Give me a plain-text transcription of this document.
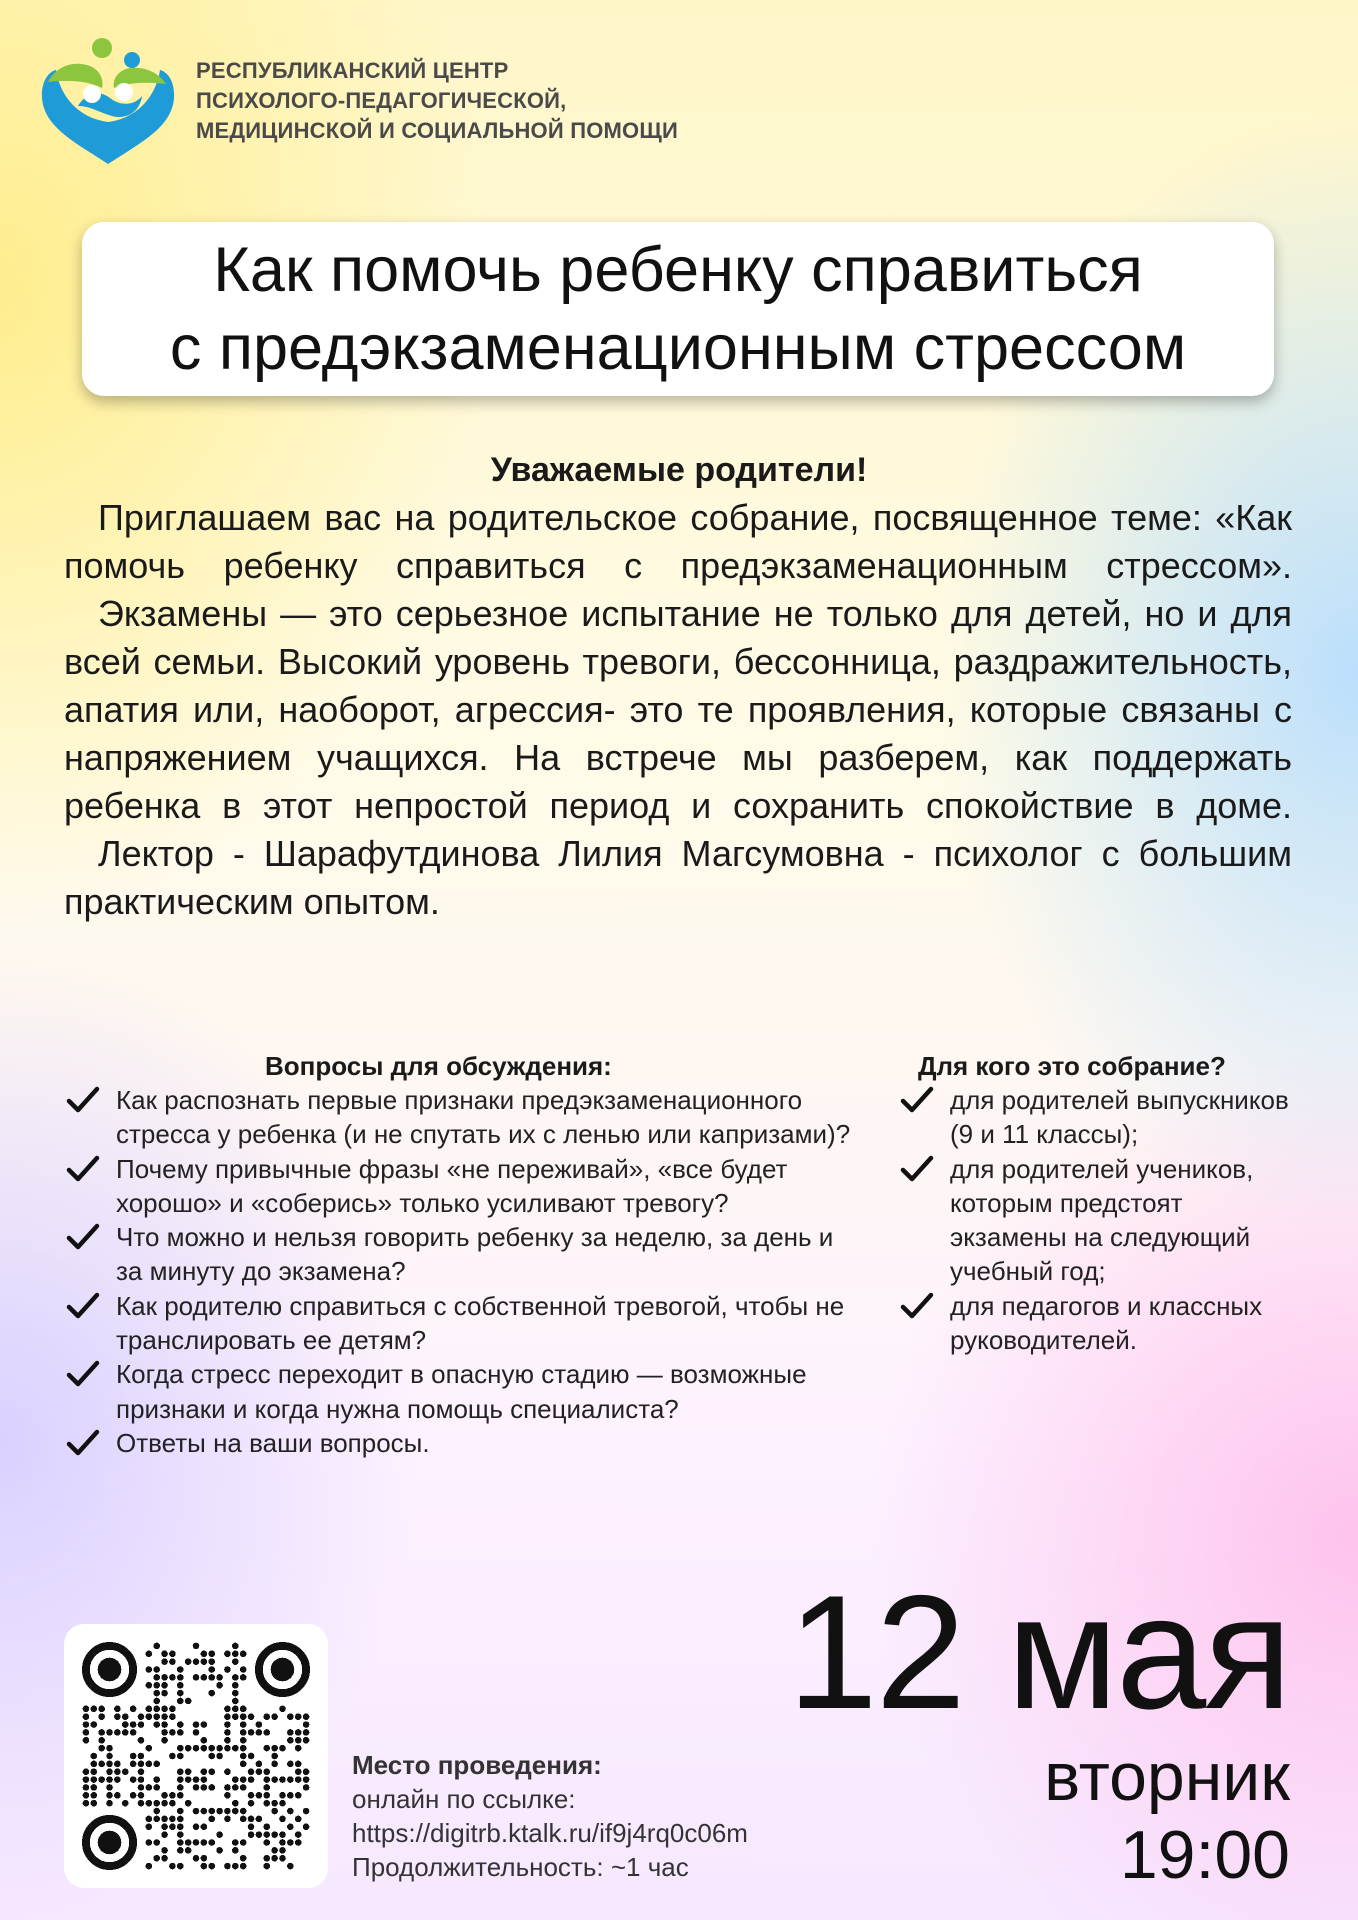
РЕСПУБЛИКАНСКИЙ ЦЕНТР
ПСИХОЛОГО-ПЕДАГОГИЧЕСКОЙ,
МЕДИЦИНСКОЙ И СОЦИАЛЬНОЙ ПОМОЩИ
Как помочь ребенку справиться
с предэкзаменационным стрессом
Уважаемые родители!

Приглашаем вас на родительское собрание, посвященное теме: «Как помочь ребенку справиться с предэкзаменационным стрессом».

Экзамены — это серьезное испытание не только для детей, но и для всей семьи. Высокий уровень тревоги, бессонница, раздражительность, апатия или, наоборот, агрессия- это те проявления, которые связаны с напряжением учащихся. На встрече мы разберем, как поддержать ребенка в этот непростой период и сохранить спокойствие в доме.

Лектор - Шарафутдинова Лилия Магсумовна - психолог с большим практическим опытом.

Вопросы для обсуждения:
Как распознать первые признаки предэкзаменационного стресса у ребенка (и не спутать их с ленью или капризами)?
Почему привычные фразы «не переживай», «все будет хорошо» и «соберись» только усиливают тревогу?
Что можно и нельзя говорить ребенку за неделю, за день и за минуту до экзамена?
Как родителю справиться с собственной тревогой, чтобы не транслировать ее детям?
Когда стресс переходит в опасную стадию — возможные признаки и когда нужна помощь специалиста?
Ответы на ваши вопросы.
Для кого это собрание?
для родителей выпускников (9 и 11 классы);
для родителей учеников, которым предстоят экзамены на следующий учебный год;
для педагогов и классных руководителей.
Место проведения:
онлайн по ссылке:
https://digitrb.ktalk.ru/if9j4rq0c06m
Продолжительность: ~1 час
12 мая
вторник
19:00
